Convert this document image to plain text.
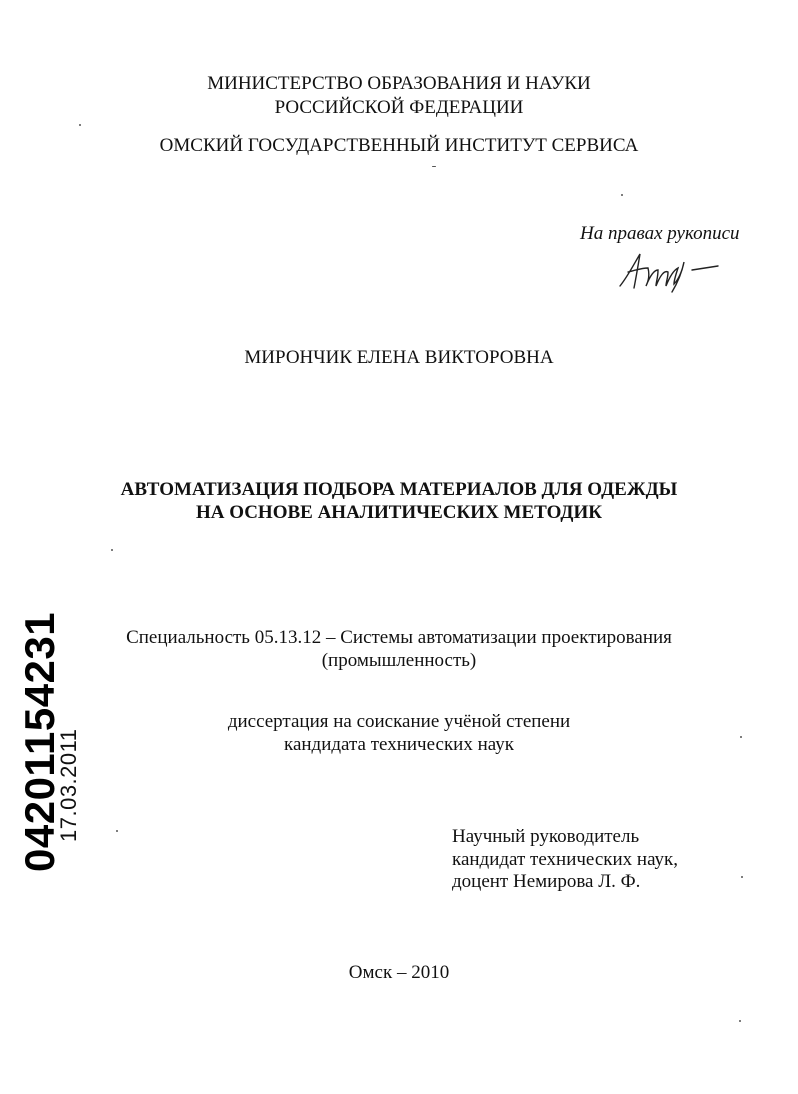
МИНИСТЕРСТВО ОБРАЗОВАНИЯ И НАУКИ
РОССИЙСКОЙ ФЕДЕРАЦИИ
ОМСКИЙ ГОСУДАРСТВЕННЫЙ ИНСТИТУТ СЕРВИСА
На правах рукописи
МИРОНЧИК ЕЛЕНА ВИКТОРОВНА
АВТОМАТИЗАЦИЯ ПОДБОРА МАТЕРИАЛОВ ДЛЯ ОДЕЖДЫ
НА ОСНОВЕ АНАЛИТИЧЕСКИХ МЕТОДИК
Специальность 05.13.12 – Системы автоматизации проектирования
(промышленность)
диссертация на соискание учёной степени
кандидата технических наук
Научный руководитель
кандидат технических наук,
доцент Немирова Л. Ф.
Омск – 2010
04201154231
17.03.2011
